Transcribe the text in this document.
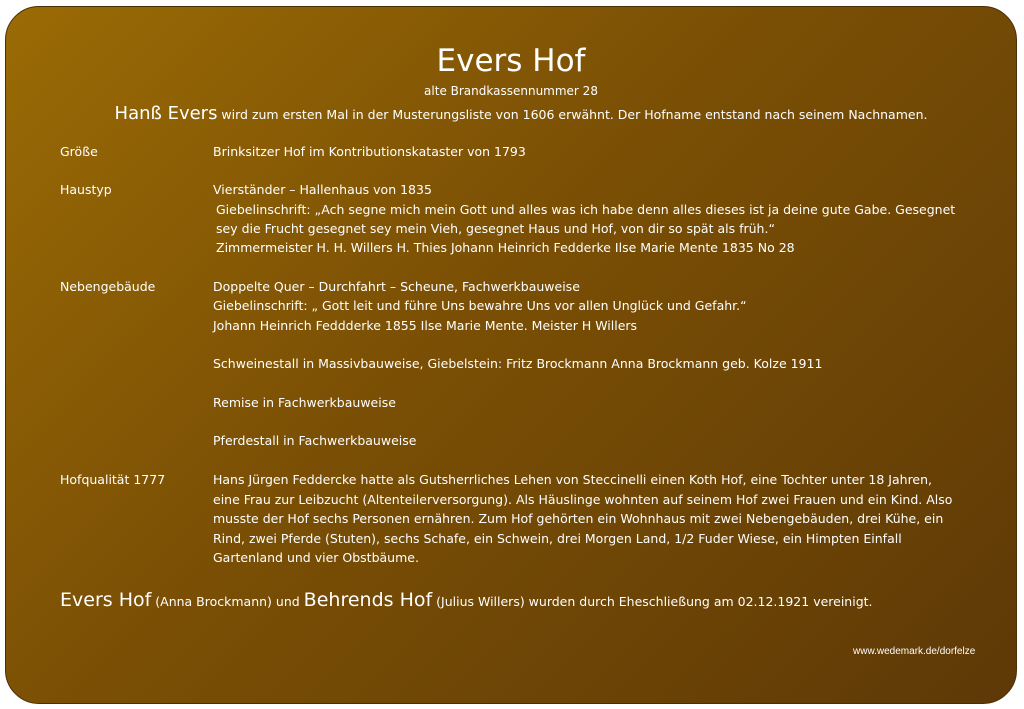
Evers Hof
alte Brandkassennummer 28
Hanß Evers wird zum ersten Mal in der Musterungsliste von 1606 erwähnt. Der Hofname entstand nach seinem Nachnamen.
Größe	Brinksitzer Hof im Kontributionskataster von 1793
Haustyp	Vierständer – Hallenhaus von 1835
Giebelinschrift: „Ach segne mich mein Gott und alles was ich habe denn alles dieses ist ja deine gute Gabe. Gesegnet
sey die Frucht gesegnet sey mein Vieh, gesegnet Haus und Hof, von dir so spät als früh.“
Zimmermeister H. H. Willers H. Thies Johann Heinrich Fedderke Ilse Marie Mente 1835 No 28
Nebengebäude	Doppelte Quer – Durchfahrt – Scheune, Fachwerkbauweise
Giebelinschrift: „ Gott leit und führe Uns bewahre Uns vor allen Unglück und Gefahr.“
Johann Heinrich Feddderke 1855 Ilse Marie Mente. Meister H Willers
Schweinestall in Massivbauweise, Giebelstein: Fritz Brockmann Anna Brockmann geb. Kolze 1911
Remise in Fachwerkbauweise
Pferdestall in Fachwerkbauweise
Hofqualität 1777	Hans Jürgen Feddercke hatte als Gutsherrliches Lehen von Steccinelli einen Koth Hof, eine Tochter unter 18 Jahren,
eine Frau zur Leibzucht (Altenteilerversorgung). Als Häuslinge wohnten auf seinem Hof zwei Frauen und ein Kind. Also
musste der Hof sechs Personen ernähren. Zum Hof gehörten ein Wohnhaus mit zwei Nebengebäuden, drei Kühe, ein
Rind, zwei Pferde (Stuten), sechs Schafe, ein Schwein, drei Morgen Land, 1/2 Fuder Wiese, ein Himpten Einfall
Gartenland und vier Obstbäume.
Evers Hof (Anna Brockmann) und Behrends Hof (Julius Willers) wurden durch Eheschließung am 02.12.1921 vereinigt.
www.wedemark.de/dorfelze
